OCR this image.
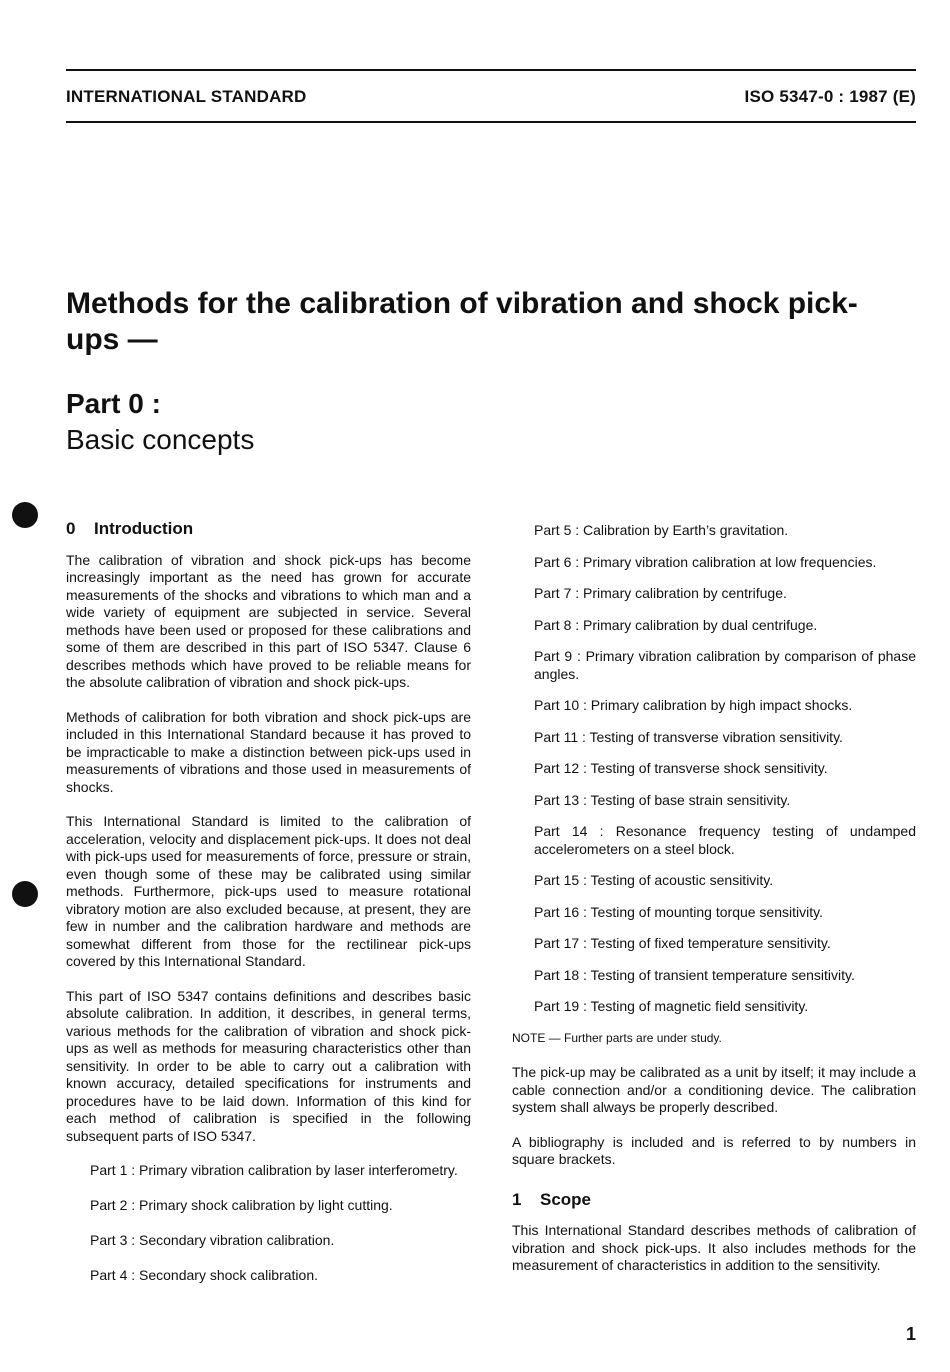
INTERNATIONAL STANDARD	ISO 5347-0 : 1987 (E)
Methods for the calibration of vibration and shock pick-ups —
Part 0 :
Basic concepts
0	Introduction

The calibration of vibration and shock pick-ups has become increasingly important as the need has grown for accurate measurements of the shocks and vibrations to which man and a wide variety of equipment are subjected in service. Several methods have been used or proposed for these calibrations and some of them are described in this part of ISO 5347. Clause 6 describes methods which have proved to be reliable means for the absolute calibration of vibration and shock pick-ups.

Methods of calibration for both vibration and shock pick-ups are included in this International Standard because it has proved to be impracticable to make a distinction between pick-ups used in measurements of vibrations and those used in measurements of shocks.

This International Standard is limited to the calibration of acceleration, velocity and displacement pick-ups. It does not deal with pick-ups used for measurements of force, pressure or strain, even though some of these may be calibrated using similar methods. Furthermore, pick-ups used to measure rotational vibratory motion are also excluded because, at present, they are few in number and the calibration hardware and methods are somewhat different from those for the rectilinear pick-ups covered by this International Standard.

This part of ISO 5347 contains definitions and describes basic absolute calibration. In addition, it describes, in general terms, various methods for the calibration of vibration and shock pick-ups as well as methods for measuring characteristics other than sensitivity. In order to be able to carry out a calibration with known accuracy, detailed specifications for instruments and procedures have to be laid down. Information of this kind for each method of calibration is specified in the following subsequent parts of ISO 5347.

Part 1 : Primary vibration calibration by laser interferometry.
Part 2 : Primary shock calibration by light cutting.
Part 3 : Secondary vibration calibration.
Part 4 : Secondary shock calibration.
Part 5 : Calibration by Earth’s gravitation.
Part 6 : Primary vibration calibration at low frequencies.
Part 7 : Primary calibration by centrifuge.
Part 8 : Primary calibration by dual centrifuge.
Part 9 : Primary vibration calibration by comparison of phase angles.
Part 10 : Primary calibration by high impact shocks.
Part 11 : Testing of transverse vibration sensitivity.
Part 12 : Testing of transverse shock sensitivity.
Part 13 : Testing of base strain sensitivity.
Part 14 : Resonance frequency testing of undamped accelerometers on a steel block.
Part 15 : Testing of acoustic sensitivity.
Part 16 : Testing of mounting torque sensitivity.
Part 17 : Testing of fixed temperature sensitivity.
Part 18 : Testing of transient temperature sensitivity.
Part 19 : Testing of magnetic field sensitivity.
NOTE — Further parts are under study.

The pick-up may be calibrated as a unit by itself; it may include a cable connection and/or a conditioning device. The calibration system shall always be properly described.

A bibliography is included and is referred to by numbers in square brackets.

1	Scope

This International Standard describes methods of calibration of vibration and shock pick-ups. It also includes methods for the measurement of characteristics in addition to the sensitivity.

1
